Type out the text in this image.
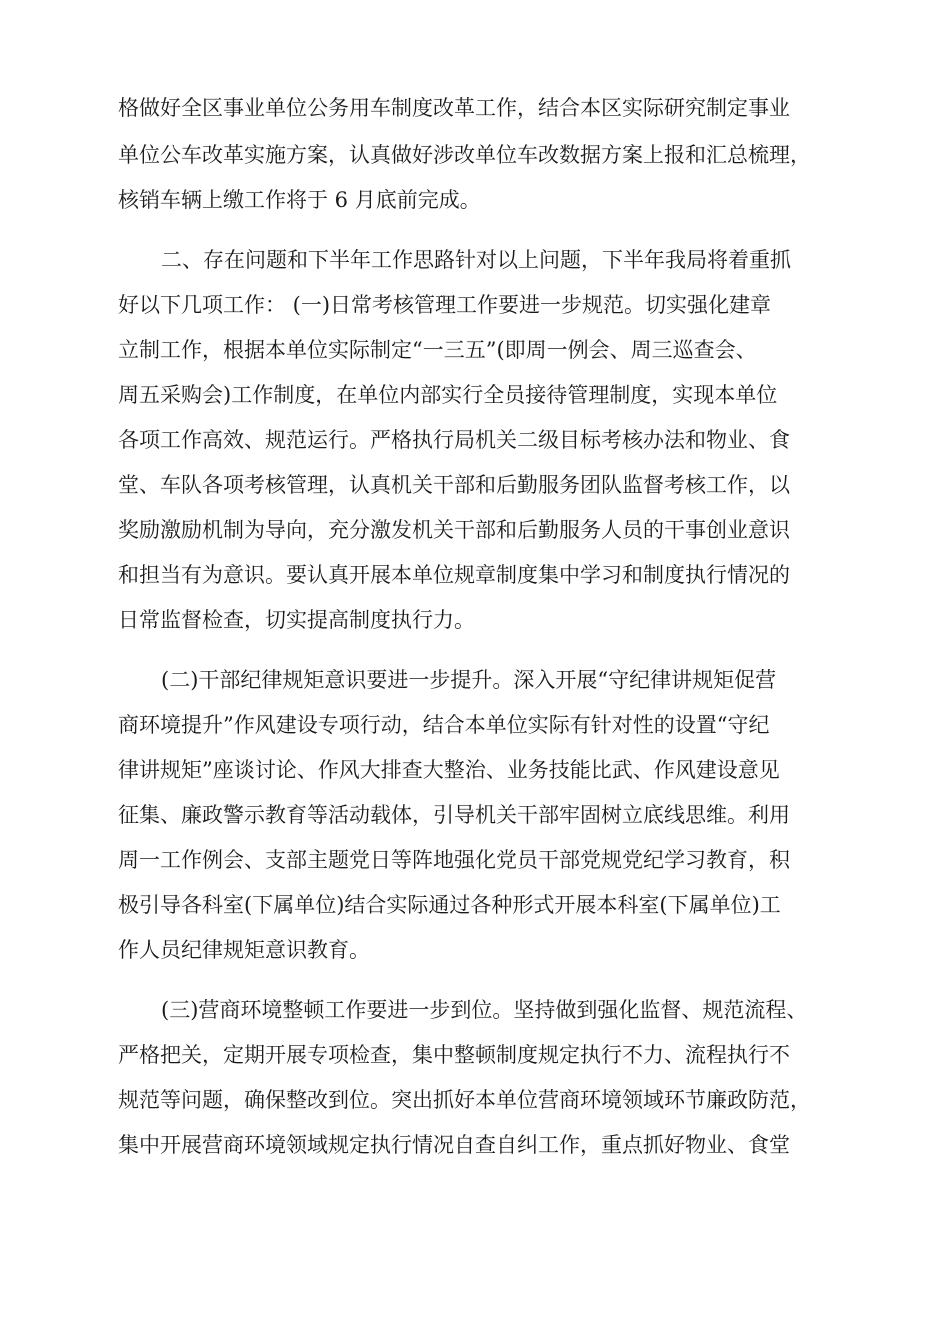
格做好全区事业单位公务用车制度改革工作，结合本区实际研究制定事业
单位公车改革实施方案，认真做好涉改单位车改数据方案上报和汇总梳理，
核销车辆上缴工作将于 6 月底前完成。
二、存在问题和下半年工作思路针对以上问题，下半年我局将着重抓
好以下几项工作： (一)日常考核管理工作要进一步规范。切实强化建章
立制工作，根据本单位实际制定“一三五”(即周一例会、周三巡查会、
周五采购会)工作制度，在单位内部实行全员接待管理制度，实现本单位
各项工作高效、规范运行。严格执行局机关二级目标考核办法和物业、食
堂、车队各项考核管理，认真机关干部和后勤服务团队监督考核工作，以
奖励激励机制为导向，充分激发机关干部和后勤服务人员的干事创业意识
和担当有为意识。要认真开展本单位规章制度集中学习和制度执行情况的
日常监督检查，切实提高制度执行力。
(二)干部纪律规矩意识要进一步提升。深入开展“守纪律讲规矩促营
商环境提升”作风建设专项行动，结合本单位实际有针对性的设置“守纪
律讲规矩”座谈讨论、作风大排查大整治、业务技能比武、作风建设意见
征集、廉政警示教育等活动载体，引导机关干部牢固树立底线思维。利用
周一工作例会、支部主题党日等阵地强化党员干部党规党纪学习教育，积
极引导各科室(下属单位)结合实际通过各种形式开展本科室(下属单位)工
作人员纪律规矩意识教育。
(三)营商环境整顿工作要进一步到位。坚持做到强化监督、规范流程、
严格把关，定期开展专项检查，集中整顿制度规定执行不力、流程执行不
规范等问题，确保整改到位。突出抓好本单位营商环境领域环节廉政防范，
集中开展营商环境领域规定执行情况自查自纠工作，重点抓好物业、食堂
